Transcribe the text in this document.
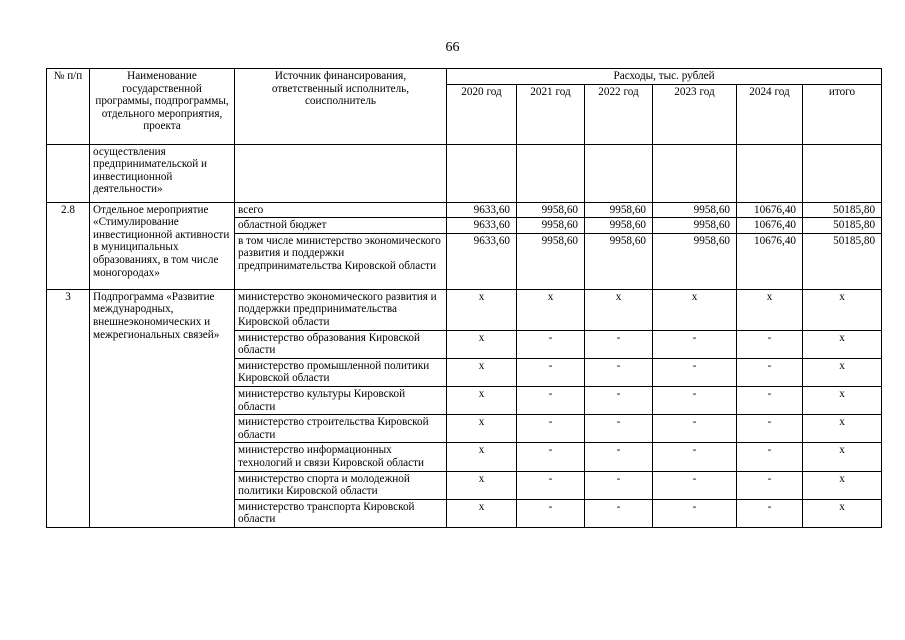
66
№ п/п	Наименование государственной программы, подпрограммы, отдельного мероприятия, проекта	Источник финансирования, ответственный исполнитель, соисполнитель	Расходы, тыс. рублей					
			2020 год	2021 год	2022 год	2023 год	2024 год	итого
	осуществления предпринимательской и инвестиционной деятельности»							
2.8	Отдельное мероприятие «Стимулирование инвестиционной активности в муниципальных образованиях, в том числе моногородах»	всего	9633,60	9958,60	9958,60	9958,60	10676,40	50185,80
		областной бюджет	9633,60	9958,60	9958,60	9958,60	10676,40	50185,80
		в том числе министерство экономического развития и поддержки предпринимательства Кировской области	9633,60	9958,60	9958,60	9958,60	10676,40	50185,80
3	Подпрограмма «Развитие международных, внешнеэкономических и межрегиональных связей»	министерство экономического развития и поддержки предпринимательства Кировской области	x	x	x	x	x	x
		министерство образования Кировской области	x	-	-	-	-	x
		министерство промышленной политики Кировской области	x	-	-	-	-	x
		министерство культуры Кировской области	x	-	-	-	-	x
		министерство строительства Кировской области	x	-	-	-	-	x
		министерство информационных технологий и связи Кировской области	x	-	-	-	-	x
		министерство спорта и молодежной политики Кировской области	x	-	-	-	-	x
		министерство транспорта Кировской области	x	-	-	-	-	x
